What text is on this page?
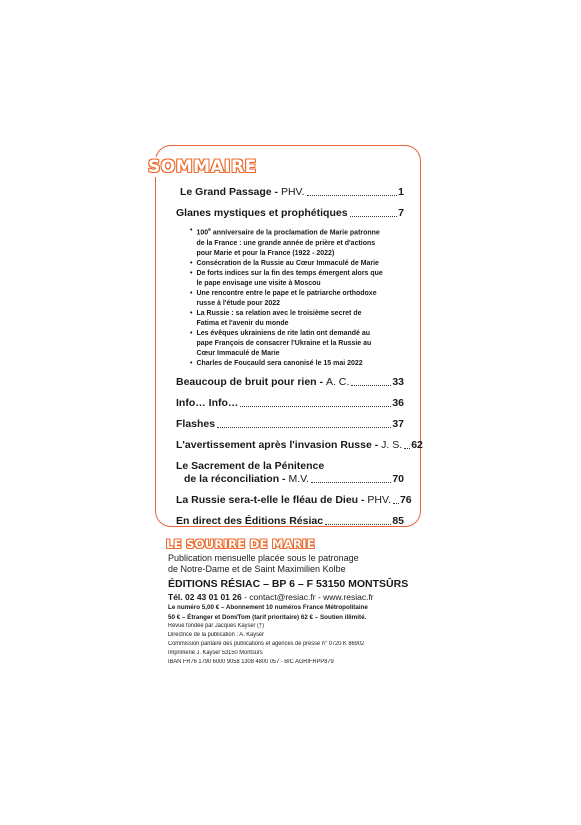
SOMMAIRE
Le Grand Passage - PHV.	1
Glanes mystiques et prophétiques	7
• 100e anniversaire de la proclamation de Marie patronne de la France : une grande année de prière et d'actions pour Marie et pour la France (1922 - 2022)
• Consécration de la Russie au Cœur Immaculé de Marie
• De forts indices sur la fin des temps émergent alors que le pape envisage une visite à Moscou
• Une rencontre entre le pape et le patriarche orthodoxe russe à l'étude pour 2022
• La Russie : sa relation avec le troisième secret de Fatima et l'avenir du monde
• Les évêques ukrainiens de rite latin ont demandé au pape François de consacrer l'Ukraine et la Russie au Cœur Immaculé de Marie
• Charles de Foucauld sera canonisé le 15 mai 2022
Beaucoup de bruit pour rien - A. C.	33
Info… Info…	36
Flashes	37
L'avertissement après l'invasion Russe - J. S. 62
Le Sacrement de la Pénitence
de la réconciliation - M.V.	70
La Russie sera-t-elle le fléau de Dieu - PHV. 76
En direct des Éditions Résiac	85
LE SOURIRE DE MARIE

Publication mensuelle placée sous le patronage

de Notre-Dame et de Saint Maximilien Kolbe

ÉDITIONS RÉSIAC – BP 6 – F 53150 MONTSÛRS

Tél. 02 43 01 01 26 - contact@resiac.fr - www.resiac.fr

Le numéro 5,00 € – Abonnement 10 numéros France Métropolitaine

50 € – Étranger et Dom/Tom (tarif prioritaire) 62 € – Soutien illimité.

Revue fondée par Jacques Kayser (†)

Directrice de la publication : A. Kayser

Commission paritaire des publications et agences de presse n° 0720 K 86902

Imprimerie J. Kayser 53150 Montsûrs

IBAN FR76 1790 6000 9058 1308 4800 057 - BIC AGRIFRPP879
